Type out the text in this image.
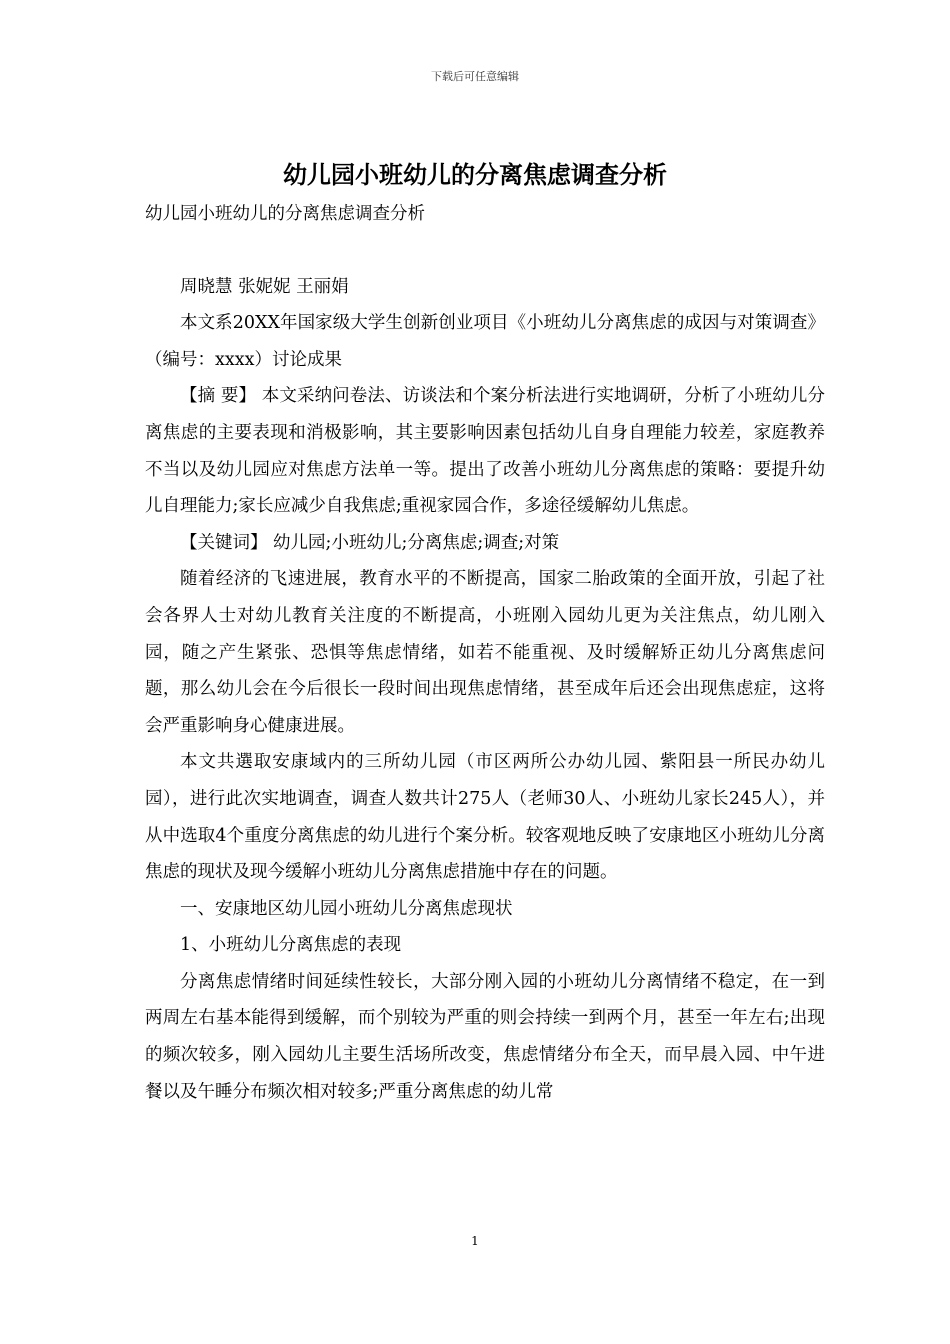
下载后可任意编辑
幼儿园小班幼儿的分离焦虑调查分析

幼儿园小班幼儿的分离焦虑调查分析

周晓慧 张妮妮 王丽娟

本文系20XX年国家级大学生创新创业项目《小班幼儿分离焦虑的成因与对策调查》（编号：xxxx）讨论成果

【摘 要】 本文采纳问卷法、访谈法和个案分析法进行实地调研，分析了小班幼儿分离焦虑的主要表现和消极影响，其主要影响因素包括幼儿自身自理能力较差，家庭教养不当以及幼儿园应对焦虑方法单一等。提出了改善小班幼儿分离焦虑的策略：要提升幼儿自理能力;家长应减少自我焦虑;重视家园合作，多途径缓解幼儿焦虑。

【关键词】 幼儿园;小班幼儿;分离焦虑;调查;对策

随着经济的飞速进展，教育水平的不断提高，国家二胎政策的全面开放，引起了社会各界人士对幼儿教育关注度的不断提高，小班刚入园幼儿更为关注焦点，幼儿刚入园，随之产生紧张、恐惧等焦虑情绪，如若不能重视、及时缓解矫正幼儿分离焦虑问题，那么幼儿会在今后很长一段时间出现焦虑情绪，甚至成年后还会出现焦虑症，这将会严重影响身心健康进展。

本文共選取安康域内的三所幼儿园（市区两所公办幼儿园、紫阳县一所民办幼儿园），进行此次实地调查，调查人数共计275人（老师30人、小班幼儿家长245人），并从中选取4个重度分离焦虑的幼儿进行个案分析。较客观地反映了安康地区小班幼儿分离焦虑的现状及现今缓解小班幼儿分离焦虑措施中存在的问题。

一、安康地区幼儿园小班幼儿分离焦虑现状

1、小班幼儿分离焦虑的表现

分离焦虑情绪时间延续性较长，大部分刚入园的小班幼儿分离情绪不稳定，在一到两周左右基本能得到缓解，而个别较为严重的则会持续一到两个月，甚至一年左右;出现的频次较多，刚入园幼儿主要生活场所改变，焦虑情绪分布全天，而早晨入园、中午进餐以及午睡分布频次相对较多;严重分离焦虑的幼儿常

1
